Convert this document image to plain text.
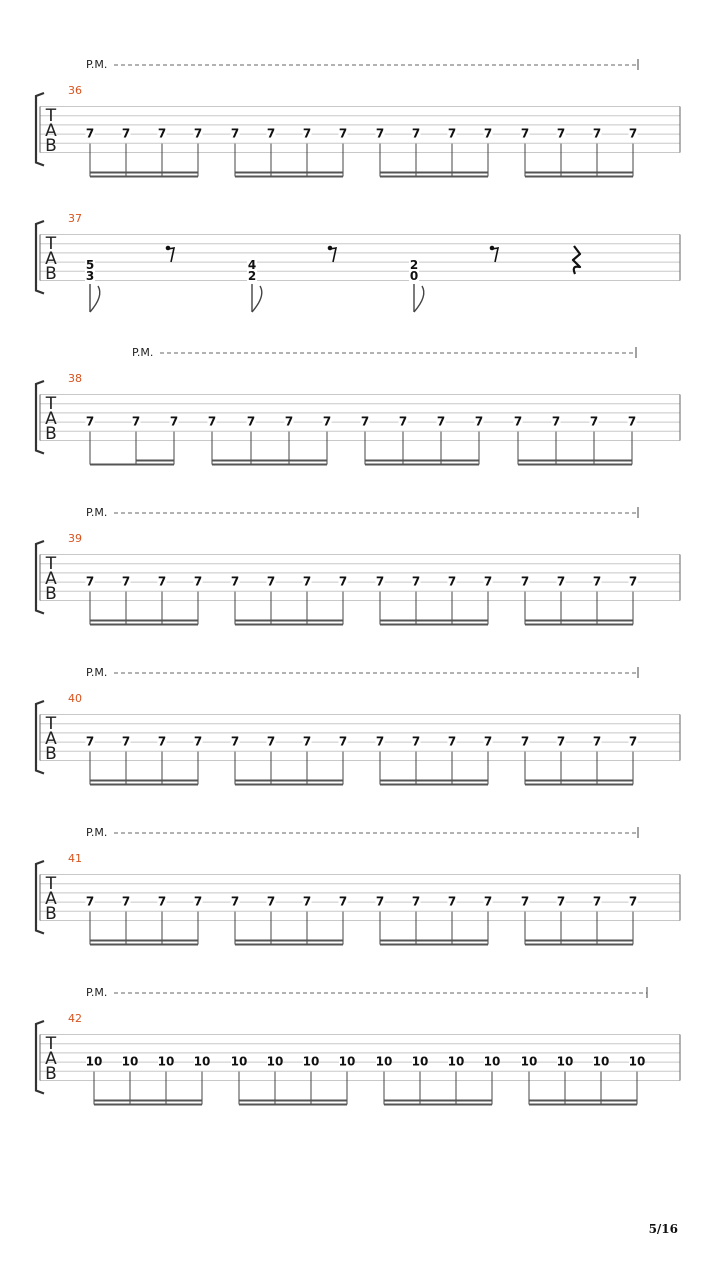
P.M.
36
T
A
B
7 7 7 7 7 7 7 7 7 7 7 7 7 7 7 7
37
T
A
B 5
3
4
2
2
0
P.M.
38
T
A
B
7	7 7 7	7 7 7 7 7 7 7	7 7 7 7
P.M.
39
T
A
B
7 7 7 7 7 7 7 7 7 7 7 7 7 7 7 7
P.M.
40
T
A
B
7 7 7 7 7 7 7 7 7 7 7 7 7 7 7 7
P.M.
41
T
A
B
7 7 7 7 7 7 7 7 7 7 7 7 7 7 7 7
P.M.
42
T
A
B
10 10 10 10 10 10 10 10 10 10 10 10 10 10 10 10
5/16
